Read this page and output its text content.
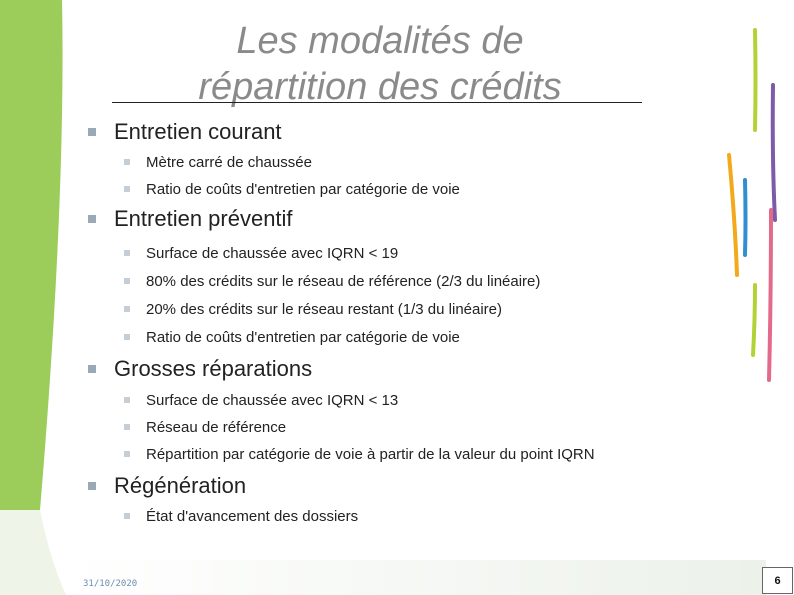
Les modalités de
répartition des crédits
Entretien courant
Mètre carré de chaussée
Ratio de coûts d'entretien par catégorie de voie
Entretien préventif
Surface de chaussée avec IQRN < 19
80% des crédits sur le réseau de référence (2/3 du linéaire)
20% des crédits sur le réseau restant (1/3 du linéaire)
Ratio de coûts d'entretien par catégorie de voie
Grosses réparations
Surface de chaussée avec IQRN < 13
Réseau de référence
Répartition par catégorie de voie à partir de la valeur du point IQRN
Régénération
État d'avancement des dossiers
31/10/2020	6
